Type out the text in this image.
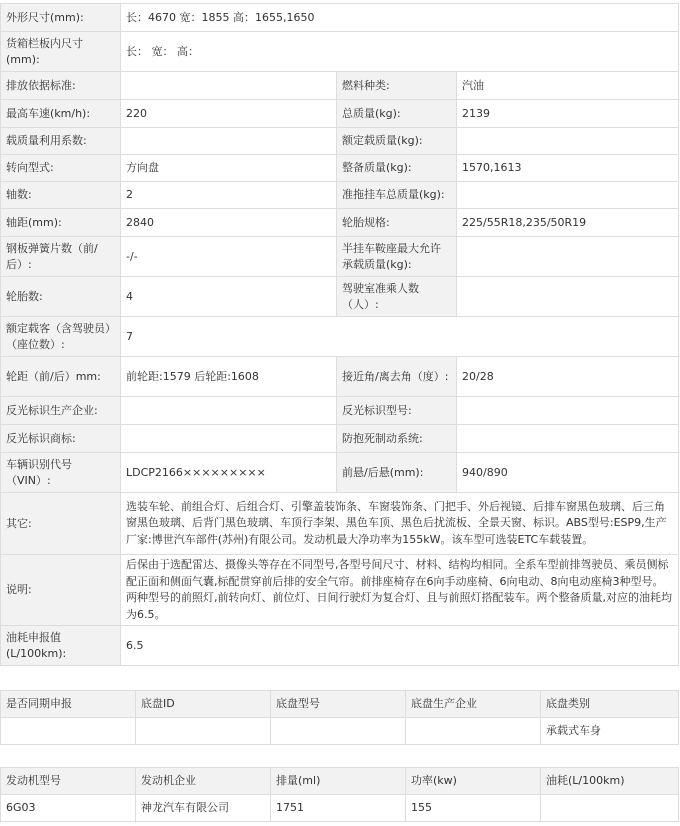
外形尺寸(mm):	长：4670 宽：1855 高：1655,1650		
货箱栏板内尺寸(mm):	长： 宽： 高：		
排放依据标准:		燃料种类:	汽油
最高车速(km/h):	220	总质量(kg):	2139
载质量利用系数:		额定载质量(kg):	
转向型式:	方向盘	整备质量(kg):	1570,1613
轴数:	2	准拖挂车总质量(kg):	
轴距(mm):	2840	轮胎规格:	225/55R18,235/50R19
钢板弹簧片数（前/后）:	-/-	半挂车鞍座最大允许承载质量(kg):	
轮胎数:	4	驾驶室准乘人数（人）:	
额定载客（含驾驶员）（座位数）:	7		
轮距（前/后）mm:	前轮距:1579 后轮距:1608	接近角/离去角（度）:	20/28
反光标识生产企业:		反光标识型号:	
反光标识商标:		防抱死制动系统:	
车辆识别代号（VIN）:	LDCP2166×××××××××	前悬/后悬(mm):	940/890
其它:	选装车轮、前组合灯、后组合灯、引擎盖装饰条、车窗装饰条、门把手、外后视镜、后排车窗黑色玻璃、后三角窗黑色玻璃、后背门黑色玻璃、车顶行李架、黑色车顶、黑色后扰流板、全景天窗、标识。ABS型号:ESP9,生产厂家:博世汽车部件(苏州)有限公司。发动机最大净功率为155kW。该车型可选装ETC车载装置。		
说明:	后保由于选配雷达、摄像头等存在不同型号,各型号间尺寸、材料、结构均相同。全系车型前排驾驶员、乘员侧标配正面和侧面气囊,标配贯穿前后排的安全气帘。前排座椅存在6向手动座椅、6向电动、8向电动座椅3种型号。两种型号的前照灯,前转向灯、前位灯、日间行驶灯为复合灯、且与前照灯搭配装车。两个整备质量,对应的油耗均为6.5。		
油耗申报值(L/100km):	6.5		
是否同期申报	底盘ID	底盘型号	底盘生产企业	底盘类别
				承载式车身
发动机型号	发动机企业	排量(ml)	功率(kw)	油耗(L/100km)
6G03	神龙汽车有限公司	1751	155	
